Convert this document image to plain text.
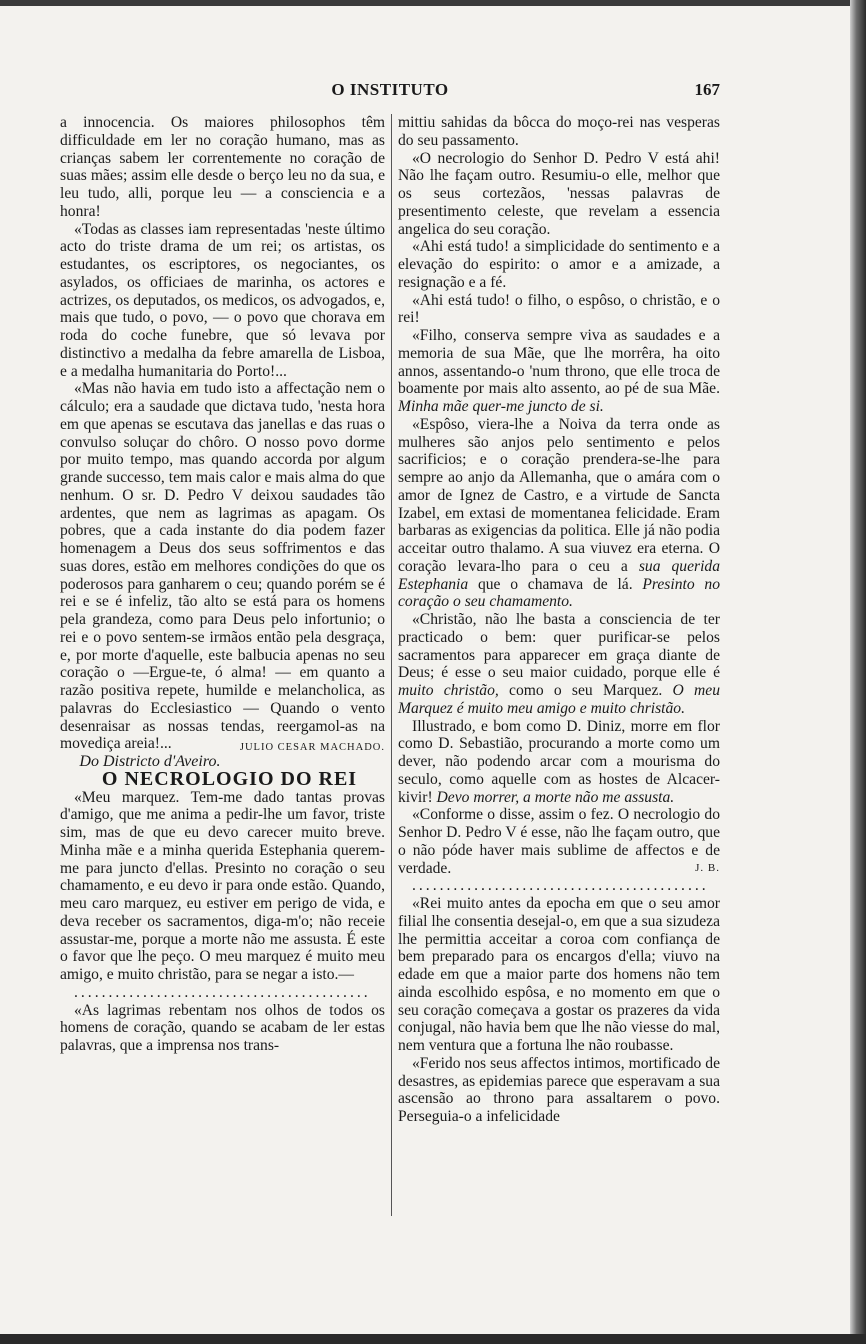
O INSTITUTO	167

a innocencia. Os maiores philosophos têm difficuldade em ler no coração humano, mas as crianças sabem ler correntemente no coração de suas mães; assim elle desde o berço leu no da sua, e leu tudo, alli, porque leu — a consciencia e a honra!

«Todas as classes iam representadas 'neste último acto do triste drama de um rei; os artistas, os estudantes, os escriptores, os negociantes, os asylados, os officiaes de marinha, os actores e actrizes, os deputados, os medicos, os advogados, e, mais que tudo, o povo, — o povo que chorava em roda do coche funebre, que só levava por distinctivo a medalha da febre amarella de Lisboa, e a medalha humanitaria do Porto!...

«Mas não havia em tudo isto a affectação nem o cálculo; era a saudade que dictava tudo, 'nesta hora em que apenas se escutava das janellas e das ruas o convulso soluçar do chôro. O nosso povo dorme por muito tempo, mas quando accorda por algum grande successo, tem mais calor e mais alma do que nenhum. O sr. D. Pedro V deixou saudades tão ardentes, que nem as lagrimas as apagam. Os pobres, que a cada instante do dia podem fazer homenagem a Deus dos seus soffrimentos e das suas dores, estão em melhores condições do que os poderosos para ganharem o ceu; quando porém se é rei e se é infeliz, tão alto se está para os homens pela grandeza, como para Deus pelo infortunio; o rei e o povo sentem-se irmãos então pela desgraça, e, por morte d'aquelle, este balbucia apenas no seu coração o —Ergue-te, ó alma! — em quanto a razão positiva repete, humilde e melancholica, as palavras do Ecclesiastico — Quando o vento desenraisar as nossas tendas, reergamol-as na movediça areia!...	JULIO CESAR MACHADO.

Do Districto d'Aveiro.

O NECROLOGIO DO REI

«Meu marquez. Tem-me dado tantas provas d'amigo, que me anima a pedir-lhe um favor, triste sim, mas de que eu devo carecer muito breve. Minha mãe e a minha querida Estephania querem-me para juncto d'ellas. Presinto no coração o seu chamamento, e eu devo ir para onde estão. Quando, meu caro marquez, eu estiver em perigo de vida, e deva receber os sacramentos, diga-m'o; não receie assustar-me, porque a morte não me assusta. É este o favor que lhe peço. O meu marquez é muito meu amigo, e muito christão, para se negar a isto.—

...........................................

«As lagrimas rebentam nos olhos de todos os homens de coração, quando se acabam de ler estas palavras, que a imprensa nos trans-

mittiu sahidas da bôcca do moço-rei nas vesperas do seu passamento.

«O necrologio do Senhor D. Pedro V está ahi! Não lhe façam outro. Resumiu-o elle, melhor que os seus cortezãos, 'nessas palavras de presentimento celeste, que revelam a essencia angelica do seu coração.

«Ahi está tudo! a simplicidade do sentimento e a elevação do espirito: o amor e a amizade, a resignação e a fé.

«Ahi está tudo! o filho, o espôso, o christão, e o rei!

«Filho, conserva sempre viva as saudades e a memoria de sua Mãe, que lhe morrêra, ha oito annos, assentando-o 'num throno, que elle troca de boamente por mais alto assento, ao pé de sua Mãe. Minha mãe quer-me juncto de si.

«Espôso, viera-lhe a Noiva da terra onde as mulheres são anjos pelo sentimento e pelos sacrificios; e o coração prendera-se-lhe para sempre ao anjo da Allemanha, que o amára com o amor de Ignez de Castro, e a virtude de Sancta Izabel, em extasi de momentanea felicidade. Eram barbaras as exigencias da politica. Elle já não podia acceitar outro thalamo. A sua viuvez era eterna. O coração levara-lho para o ceu a sua querida Estephania que o chamava de lá. Presinto no coração o seu chamamento.

«Christão, não lhe basta a consciencia de ter practicado o bem: quer purificar-se pelos sacramentos para apparecer em graça diante de Deus; é esse o seu maior cuidado, porque elle é muito christão, como o seu Marquez. O meu Marquez é muito meu amigo e muito christão.

Illustrado, e bom como D. Diniz, morre em flor como D. Sebastião, procurando a morte como um dever, não podendo arcar com a mourisma do seculo, como aquelle com as hostes de Alcacer-kivir! Devo morrer, a morte não me assusta.

«Conforme o disse, assim o fez. O necrologio do Senhor D. Pedro V é esse, não lhe façam outro, que o não póde haver mais sublime de affectos e de verdade.	J. B.

...........................................

«Rei muito antes da epocha em que o seu amor filial lhe consentia desejal-o, em que a sua sizudeza lhe permittia acceitar a coroa com confiança de bem preparado para os encargos d'ella; viuvo na edade em que a maior parte dos homens não tem ainda escolhido espôsa, e no momento em que o seu coração começava a gostar os prazeres da vida conjugal, não havia bem que lhe não viesse do mal, nem ventura que a fortuna lhe não roubasse.

«Ferido nos seus affectos intimos, mortificado de desastres, as epidemias parece que esperavam a sua ascensão ao throno para assaltarem o povo. Perseguia-o a infelicidade
